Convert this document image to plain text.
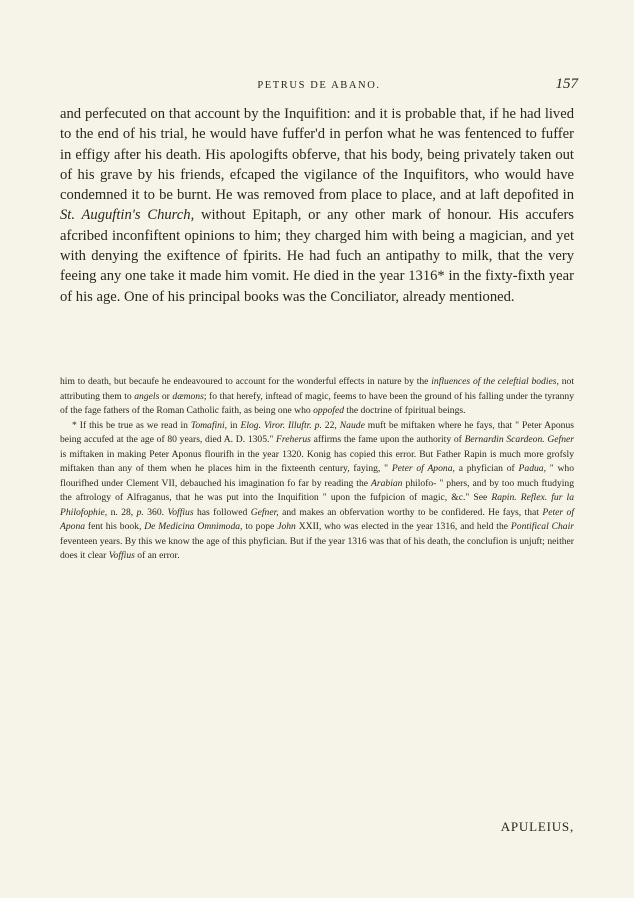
PETRUS DE ABANO.	157

and perfecuted on that account by the Inquifition: and it is probable that, if he had lived to the end of his trial, he would have fuffer'd in perfon what he was fentenced to fuffer in effigy after his death. His apologifts obferve, that his body, being privately taken out of his grave by his friends, efcaped the vigilance of the Inquifitors, who would have condemned it to be burnt. He was removed from place to place, and at laft depofited in St. Auguftin's Church, without Epitaph, or any other mark of honour. His accufers afcribed inconfiftent opinions to him; they charged him with being a magician, and yet with denying the exiftence of fpirits. He had fuch an antipathy to milk, that the very feeing any one take it made him vomit. He died in the year 1316* in the fixty-fixth year of his age. One of his principal books was the Conciliator, already mentioned.

him to death, but becaufe he endeavoured to account for the wonderful effects in nature by the influences of the celeftial bodies, not attributing them to angels or dæmons; fo that herefy, inftead of magic, feems to have been the ground of his falling under the tyranny of the fage fathers of the Roman Catholic faith, as being one who oppofed the doctrine of fpiritual beings.

* If this be true as we read in Tomafini, in Elog. Viror. Illuftr. p. 22, Naude muft be miftaken where he fays, that " Peter Aponus being accufed at the age of 80 years, died A. D. 1305." Freherus affirms the fame upon the authority of Bernardin Scardeon. Gefner is miftaken in making Peter Aponus flourifh in the year 1320. Konig has copied this error. But Father Rapin is much more grofsly miftaken than any of them when he places him in the fixteenth century, faying, " Peter of Apona, a phyfician of Padua, " who flourifhed under Clement VII, debauched his imagination fo far by reading the Arabian philofo- " phers, and by too much ftudying the aftrology of Alfraganus, that he was put into the Inquifition " upon the fufpicion of magic, &c." See Rapin. Reflex. fur la Philofophie, n. 28, p. 360. Voffius has followed Gefner, and makes an obfervation worthy to be confidered. He fays, that Peter of Apona fent his book, De Medicina Omnimoda, to pope John XXII, who was elected in the year 1316, and held the Pontifical Chair feventeen years. By this we know the age of this phyfician. But if the year 1316 was that of his death, the conclufion is unjuft; neither does it clear Voffius of an error.

APULEIUS,
